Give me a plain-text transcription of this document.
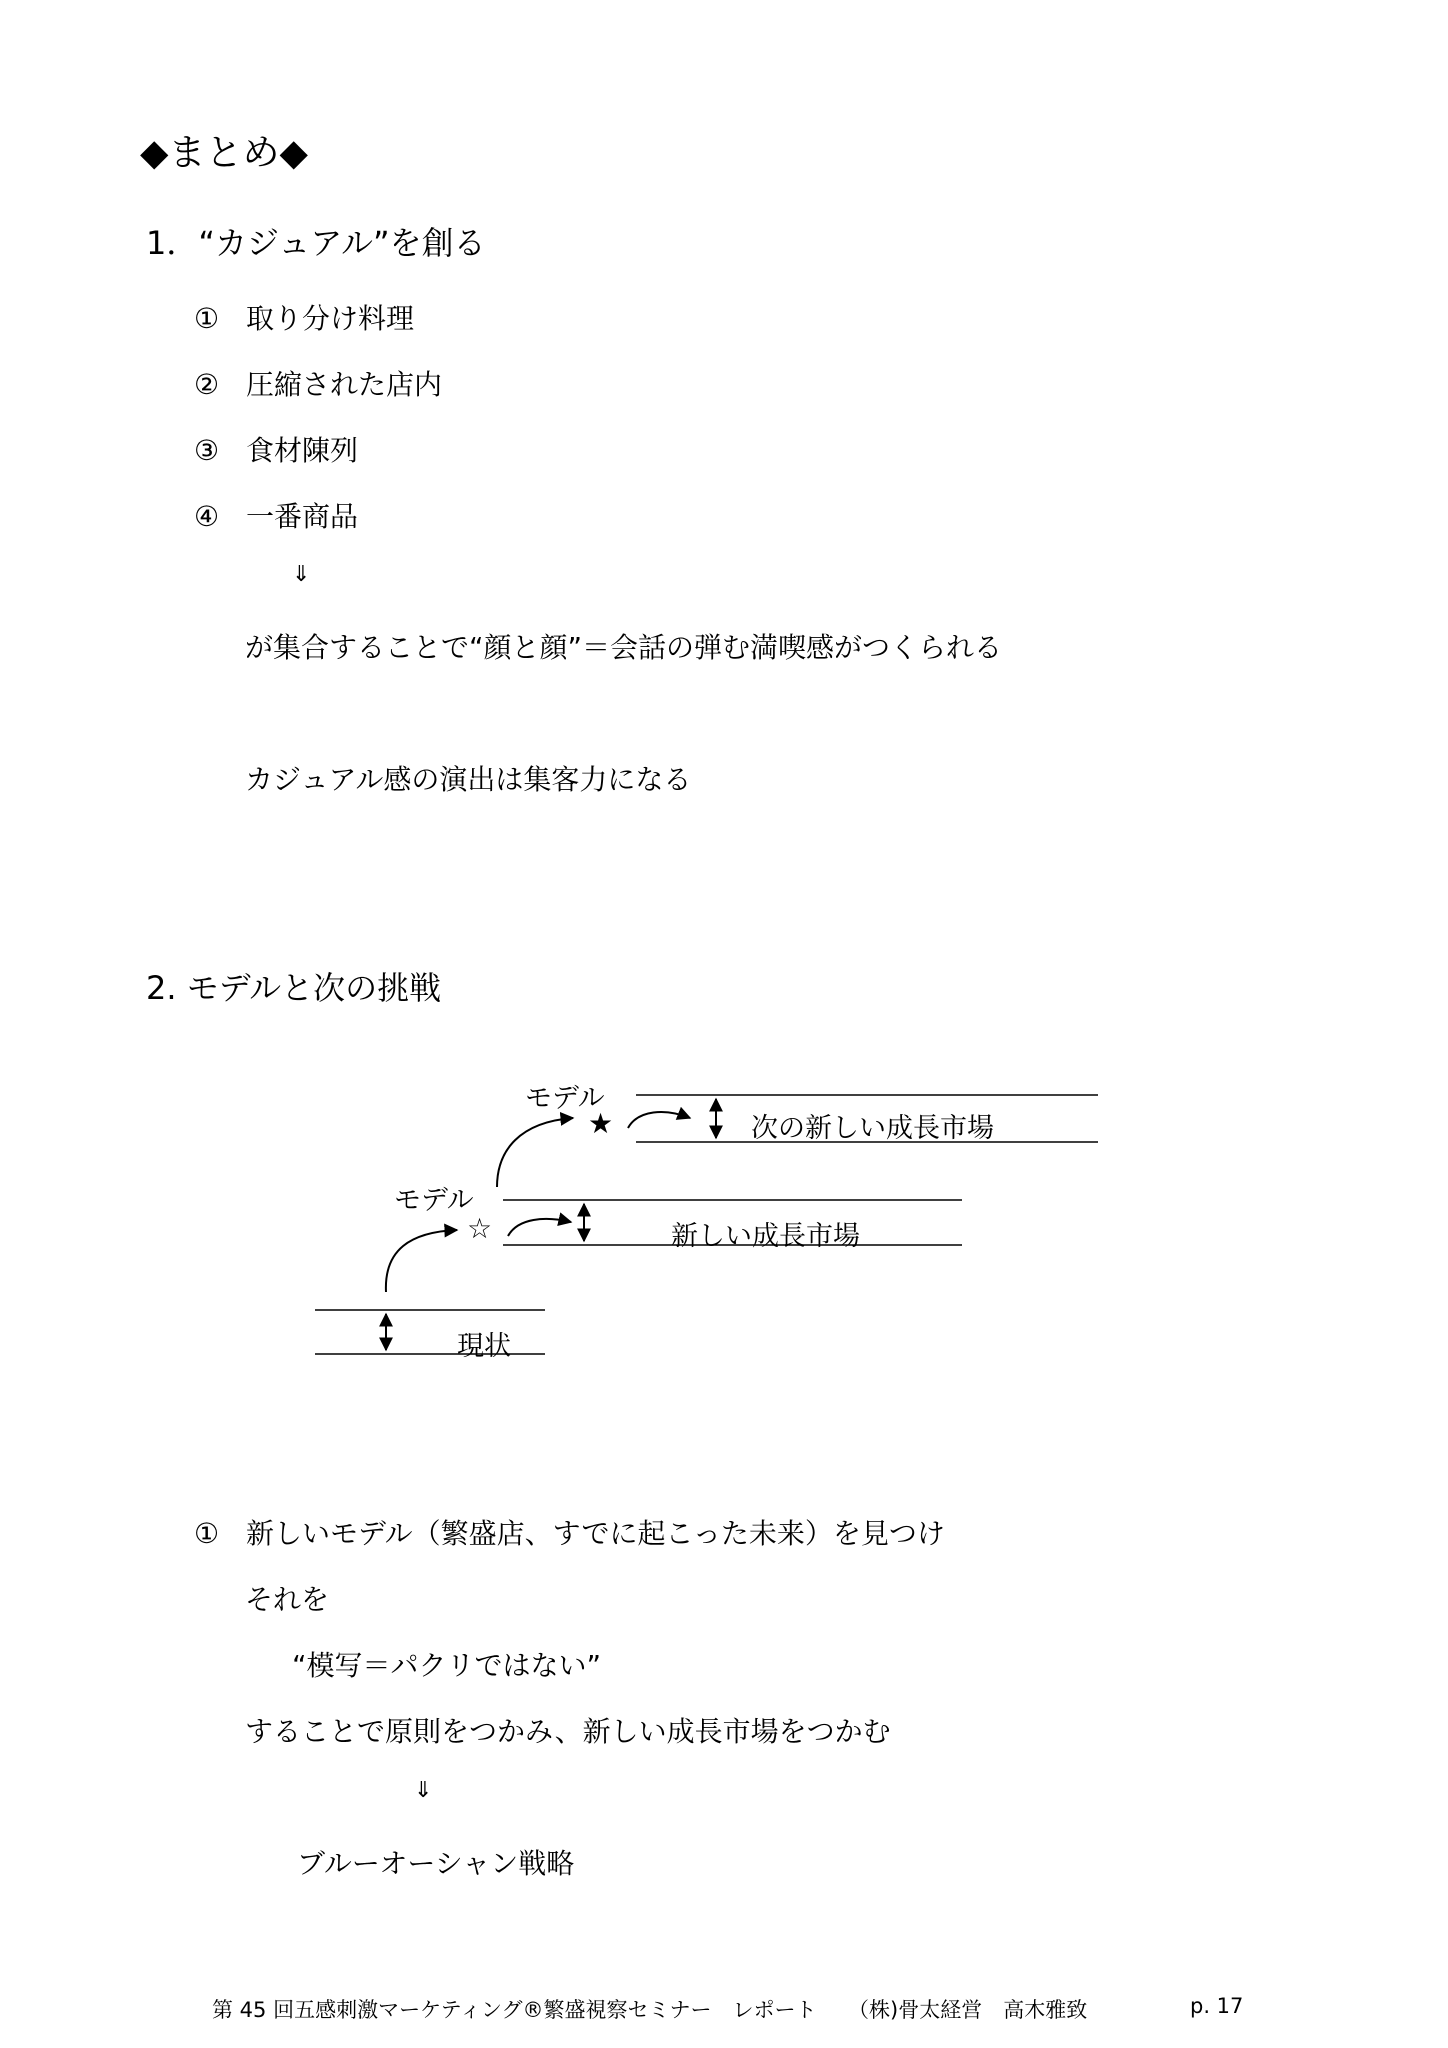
◆まとめ◆
1．“カジュアル”を創る
① 取り分け料理
② 圧縮された店内
③ 食材陳列
④ 一番商品
⇓
が集合することで“顔と顔”＝会話の弾む満喫感がつくられる
カジュアル感の演出は集客力になる
2. モデルと次の挑戦
現状
モデル
☆	新しい成長市場
モデル
★	次の新しい成長市場
① 新しいモデル（繁盛店、すでに起こった未来）を見つけ
それを
“模写＝パクリではない”
することで原則をつかみ、新しい成長市場をつかむ
⇓
ブルーオーシャン戦略
第 45 回五感刺激マーケティング®繁盛視察セミナー　レポート　　（株)骨太経営　高木雅致	p. 17
